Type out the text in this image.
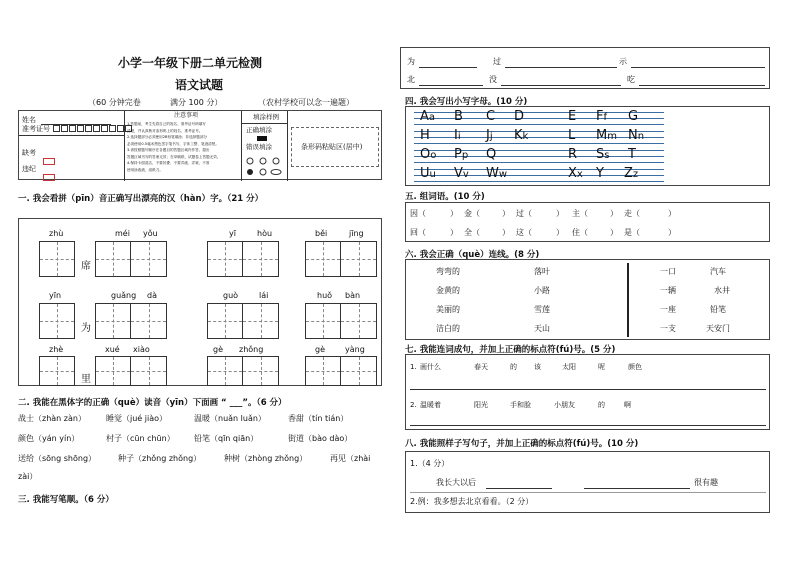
小学一年级下册二单元检测
语文试题
（60 分钟完卷	满分 100 分）	（农村学校可以念一遍题）
姓名
准考证号
缺考
违纪
注意事项
1.答题前，考生先将自己的姓名、准考证号码填写
清楚，并认真核对条形码上的姓名、准考证号。
2.选择题部分必须使用2B铅笔填涂；非选择题部分
必须使用0.5毫米黑色签字笔书写，字体工整、笔迹清楚。
3.请按照题号顺序在各题目的答题区域内作答，超出
答题区域书写的答案无效；在草稿纸、试题卷上答题无效。
4.保持卡面清洁，不要折叠、不要弄破、弄皱，不准
使用涂改液、刮纸刀。
填涂样例
正确填涂
错误填涂	条形码粘贴区(居中)
一. 我会看拼（pīn）音正确写出漂亮的汉（hàn）字。（21 分）
zhù	méi yǒu	yī	hòu	běi	jīng
席
yīn	guǎng dà	guò	lái	huǒ bàn
为
zhè	xué xiào	gè zhǒng	gè	yàng
里
二. 我能在黑体字的正确（què）读音（yīn）下面画 “ ___”。（6 分）
战士（zhàn zàn）	睡觉（jué jiào）	温暖（nuǎn luǎn）	香甜（tín tián）
颜色（yán yín）	村子（cūn chūn） 铅笔（qīn qiān）	街道（bào dào）
送给（sōng shōng）	种子（zhǒng zhǒng）	种树（zhòng zhǒng）	再见（zhài
zài）
三. 我能写笔顺。（6 分）
为	过	示
北	没	吃
四. 我会写出小写字母。(10 分)
Aa B C D	E Ff G
H Ii Jj Kk	L Mm Nn
Oo Pp Q	R Ss T
Uu Vv Ww	Xx Y Zz
五. 组词语。(10 分)
因（	） 金（	） 过（	） 主（	） 走（	）
回（	） 全（	） 这（	） 住（	） 是（	）
六. 我会正确（què）连线。(8 分)
弯弯的
金黄的
美丽的
洁白的
落叶
小路
雪莲
天山
一口
一辆
一座
一支
汽车
水井
铅笔
天安门
七. 我能连词成句，并加上正确的标点符(fú)号。(5 分)
1. 画什么	春天	的 该	太阳	呢	颜色
2. 温暖着	阳光	手和脸	小朋友	的	啊
八. 我能照样子写句子，并加上正确的标点符(fú)号。(10 分)
1.（4 分）
我长大以后	很有趣
2.例：我多想去北京看看。（2 分）
